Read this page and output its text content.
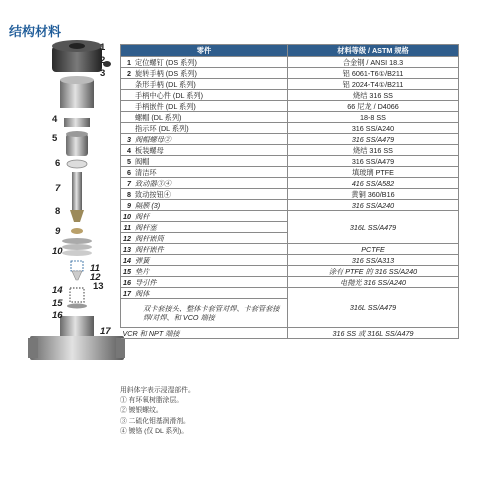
结构材料
1
2
3
4
5
6
7
8
9
10
11
12
13
14
15
16
17
零件		材料等级 / ASTM 规格
1	定位螺钉 (DS 系列)	合金钢 / ANSI 18.3
2	旋转手柄 (DS 系列)	铝 6061-T6①/B211
	条形手柄 (DL 系列)	铝 2024-T4①/B211
	手柄中心件 (DL 系列)	烧结 316 SS
	手柄嵌件 (DL 系列)	66 尼龙 / D4066
	螺帽 (DL 系列)	18-8 SS
	指示环 (DL 系列)	316 SS/A240
3	阀帽螺母②	316 SS/A479
4	板装螺母	烧结 316 SS
5	阀帽	316 SS/A479
6	清洁环	填玻璃 PTFE
7	致动器③④	416 SS/A582
8	致动按钮④	黄铜 360/B16
9	隔膜 (3)	316 SS/A240
10	阀杆	316L SS/A479
11	阀杆塞	
12	阀杆嵌筒	
13	阀杆嵌件	PCTFE
14	弹簧	316 SS/A313
15	垫片	涂有 PTFE 的 316 SS/A240
16	导引件	电抛光 316 SS/A240
17	阀体	316L SS/A479
	双卡套接头、整体卡套管对焊、卡套管套接焊/对焊、和 VCO 端接	
VCR 和 NPT 端接		316 SS 或 316L SS/A479
用斜体字表示浸湿部件。
① 有环氧树脂涂层。
② 镀银螺纹。
③ 二硫化钼基润滑剂。
④ 镀铬 (仅 DL 系列)。
